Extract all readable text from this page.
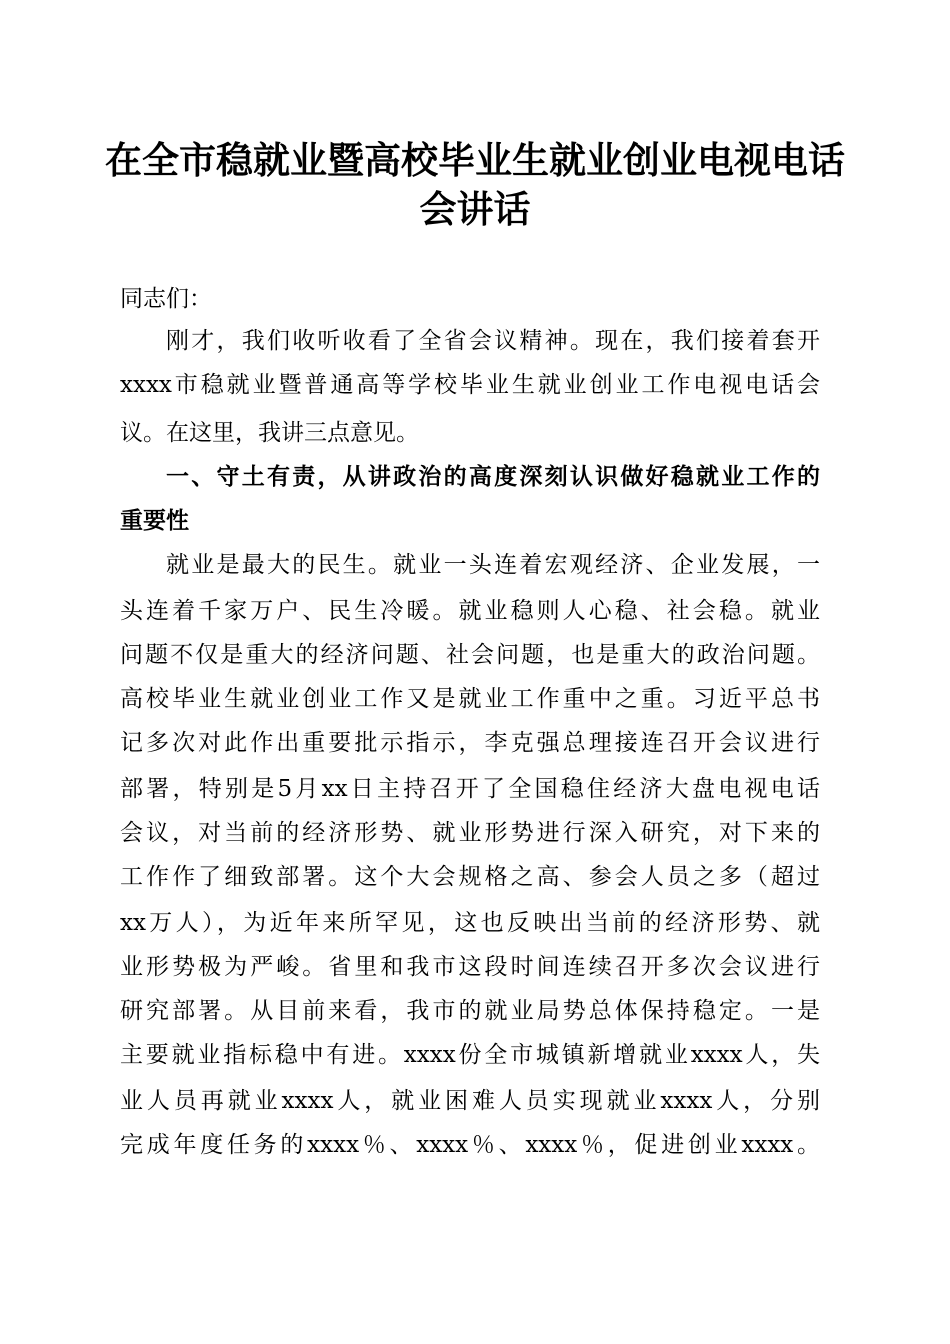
在全市稳就业暨高校毕业生就业创业电视电话会讲话

同志们：

刚才，我们收听收看了全省会议精神。现在，我们接着套开

xxxx市稳就业暨普通高等学校毕业生就业创业工作电视电话会

议。在这里，我讲三点意见。

一、守土有责，从讲政治的高度深刻认识做好稳就业工作的

重要性

就业是最大的民生。就业一头连着宏观经济、企业发展，一

头连着千家万户、民生冷暖。就业稳则人心稳、社会稳。就业

问题不仅是重大的经济问题、社会问题，也是重大的政治问题。

高校毕业生就业创业工作又是就业工作重中之重。习近平总书

记多次对此作出重要批示指示，李克强总理接连召开会议进行

部署，特别是5月xx日主持召开了全国稳住经济大盘电视电话

会议，对当前的经济形势、就业形势进行深入研究，对下来的

工作作了细致部署。这个大会规格之高、参会人员之多（超过

xx万人），为近年来所罕见，这也反映出当前的经济形势、就

业形势极为严峻。省里和我市这段时间连续召开多次会议进行

研究部署。从目前来看，我市的就业局势总体保持稳定。一是

主要就业指标稳中有进。xxxx份全市城镇新增就业xxxx人，失

业人员再就业xxxx人，就业困难人员实现就业xxxx人，分别

完成年度任务的xxxx％、xxxx％、xxxx％，促进创业xxxx。
